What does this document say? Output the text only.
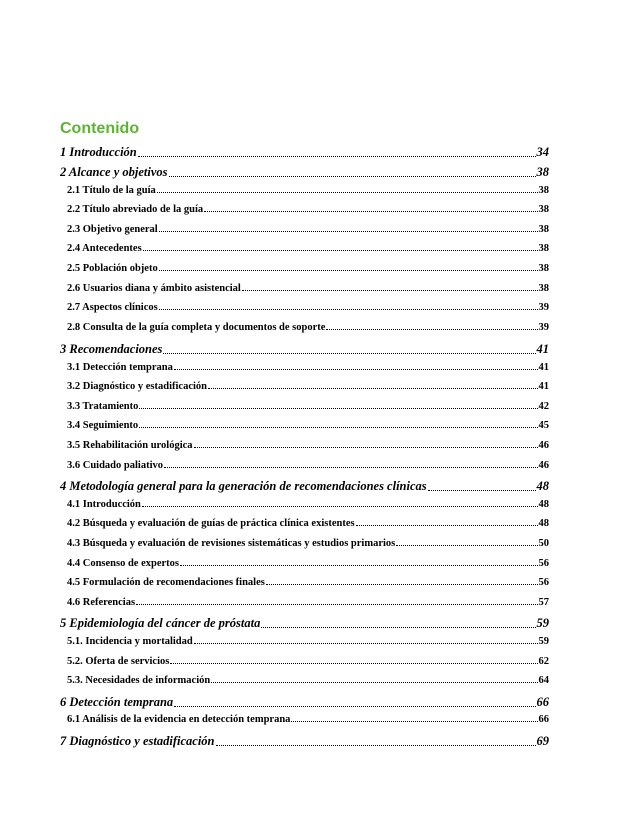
Contenido
1 Introducción	34
2 Alcance y objetivos	38
2.1 Título de la guía	38
2.2 Título abreviado de la guía	38
2.3 Objetivo general	38
2.4 Antecedentes	38
2.5 Población objeto	38
2.6 Usuarios diana y ámbito asistencial	38
2.7 Aspectos clínicos	39
2.8 Consulta de la guía completa y documentos de soporte	39
3 Recomendaciones	41
3.1 Detección temprana	41
3.2 Diagnóstico y estadificación	41
3.3 Tratamiento	42
3.4 Seguimiento	45
3.5 Rehabilitación urológica	46
3.6 Cuidado paliativo	46
4 Metodología general para la generación de recomendaciones clínicas	48
4.1 Introducción	48
4.2 Búsqueda y evaluación de guías de práctica clínica existentes	48
4.3 Búsqueda y evaluación de revisiones sistemáticas y estudios primarios	50
4.4 Consenso de expertos	56
4.5 Formulación de recomendaciones finales	56
4.6 Referencias	57
5 Epidemiología del cáncer de próstata	59
5.1. Incidencia y mortalidad	59
5.2. Oferta de servicios	62
5.3. Necesidades de información	64
6 Detección temprana	66
6.1 Análisis de la evidencia en detección temprana	66
7 Diagnóstico y estadificación	69
